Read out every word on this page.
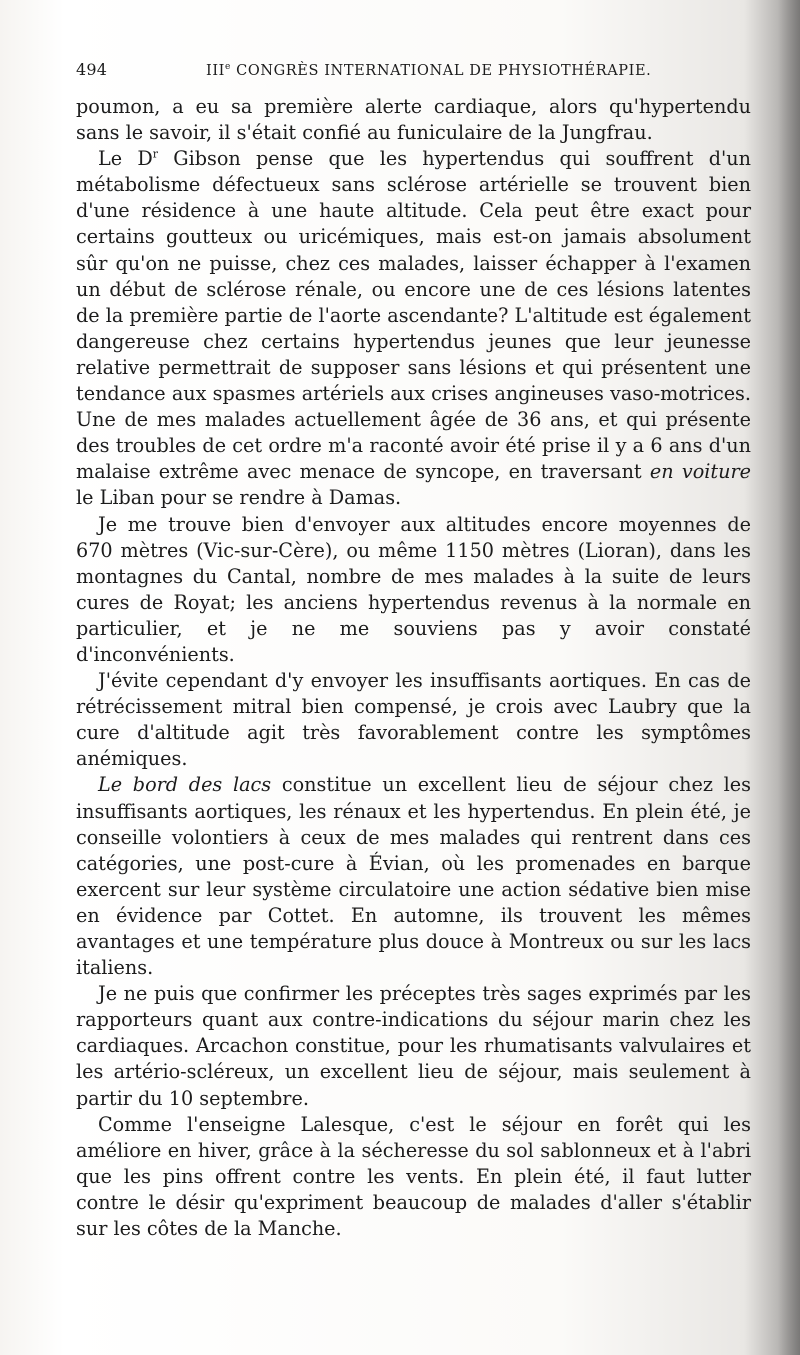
494	IIIe CONGRÈS INTERNATIONAL DE PHYSIOTHÉRAPIE.

poumon, a eu sa première alerte cardiaque, alors qu'hypertendu sans le savoir, il s'était confié au funiculaire de la Jungfrau.

Le $D^r$ Gibson pense que les hypertendus qui souffrent d'un métabolisme défectueux sans sclérose artérielle se trouvent bien d'une résidence à une haute altitude. Cela peut être exact pour certains goutteux ou uricémiques, mais est-on jamais absolument sûr qu'on ne puisse, chez ces malades, laisser échapper à l'examen un début de sclérose rénale, ou encore une de ces lésions latentes de la première partie de l'aorte ascendante? L'altitude est également dangereuse chez certains hypertendus jeunes que leur jeunesse relative permettrait de supposer sans lésions et qui présentent une tendance aux spasmes artériels aux crises angineuses vaso-motrices. Une de mes malades actuellement âgée de 36 ans, et qui présente des troubles de cet ordre m'a raconté avoir été prise il y a 6 ans d'un malaise extrême avec menace de syncope, en traversant en voiture le Liban pour se rendre à Damas.

Je me trouve bien d'envoyer aux altitudes encore moyennes de 670 mètres (Vic-sur-Cère), ou même 1150 mètres (Lioran), dans les montagnes du Cantal, nombre de mes malades à la suite de leurs cures de Royat; les anciens hypertendus revenus à la normale en particulier, et je ne me souviens pas y avoir constaté d'inconvénients.

J'évite cependant d'y envoyer les insuffisants aortiques. En cas de rétrécissement mitral bien compensé, je crois avec Laubry que la cure d'altitude agit très favorablement contre les symptômes anémiques.

Le bord des lacs constitue un excellent lieu de séjour chez les insuffisants aortiques, les rénaux et les hypertendus. En plein été, je conseille volontiers à ceux de mes malades qui rentrent dans ces catégories, une post-cure à Évian, où les promenades en barque exercent sur leur système circulatoire une action sédative bien mise en évidence par Cottet. En automne, ils trouvent les mêmes avantages et une température plus douce à Montreux ou sur les lacs italiens.

Je ne puis que confirmer les préceptes très sages exprimés par les rapporteurs quant aux contre-indications du séjour marin chez les cardiaques. Arcachon constitue, pour les rhumatisants valvulaires et les artério-scléreux, un excellent lieu de séjour, mais seulement à partir du 10 septembre.

Comme l'enseigne Lalesque, c'est le séjour en forêt qui les améliore en hiver, grâce à la sécheresse du sol sablonneux et à l'abri que les pins offrent contre les vents. En plein été, il faut lutter contre le désir qu'expriment beaucoup de malades d'aller s'établir sur les côtes de la Manche.
